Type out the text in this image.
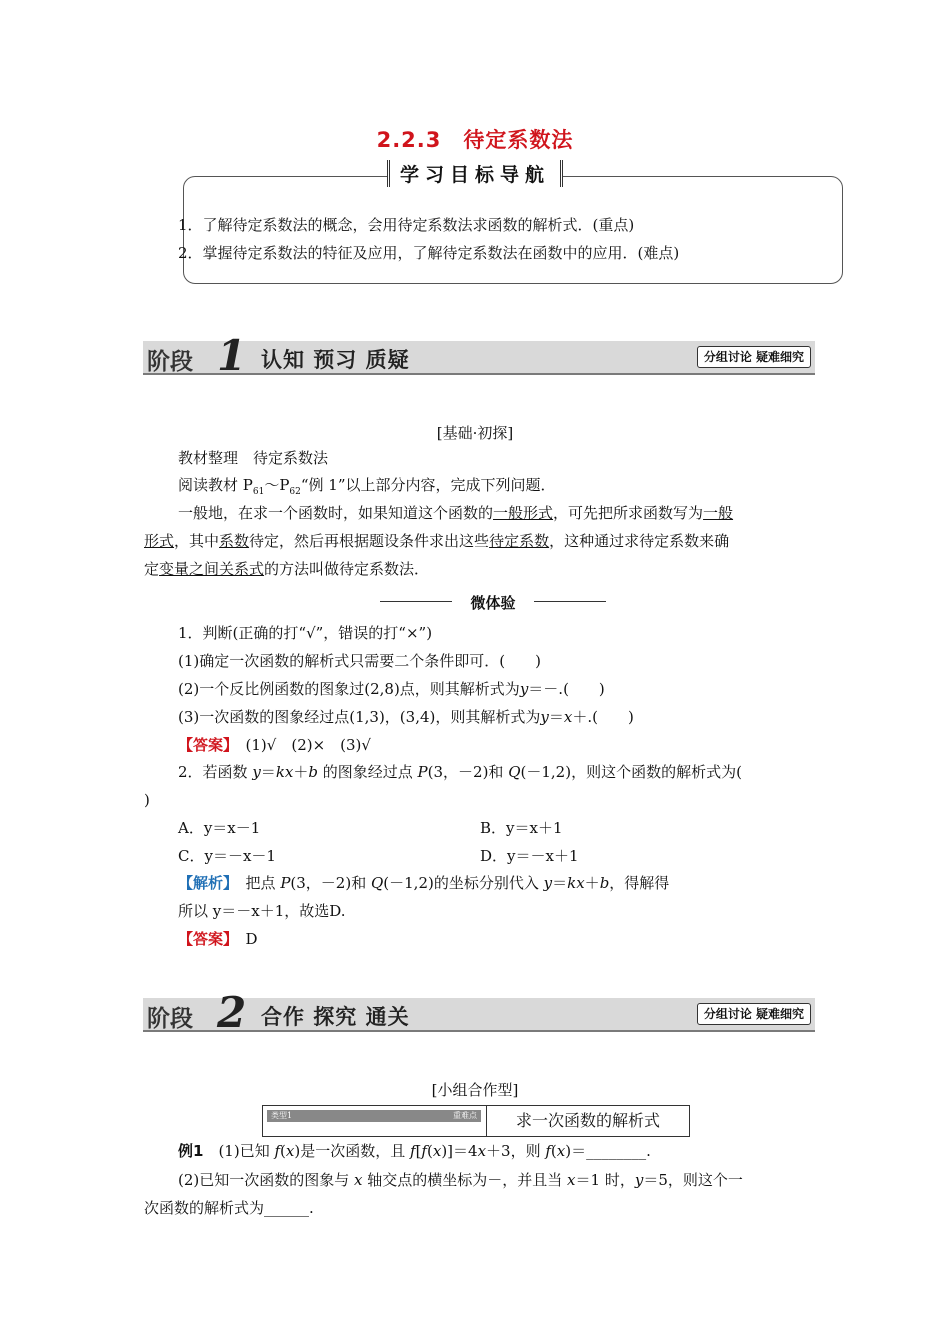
2.2.3　待定系数法
学习目标导航
1．了解待定系数法的概念，会用待定系数法求函数的解析式．(重点)
2．掌握待定系数法的特征及应用，了解待定系数法在函数中的应用．(难点)
阶段 1 认知 预习 质疑	分组讨论 疑难细究
[基础·初探]
教材整理　待定系数法
阅读教材 $P_{61}\sim P_{62}“$例 1”以上部分内容，完成下列问题．
一般地，在求一个函数时，如果知道这个函数的一般形式，可先把所求函数写为一般
形式，其中系数待定，然后再根据题设条件求出这些待定系数，这种通过求待定系数来确
定变量之间关系式的方法叫做待定系数法．
微体验
1．判断(正确的打“√”，错误的打“×”)
(1)确定一次函数的解析式只需要二个条件即可．(　　)
(2)一个反比例函数的图象过(2,8)点，则其解析式为y＝－.(　　)
(3)一次函数的图象经过点(1,3)，(3,4)，则其解析式为y＝x＋.(　　)
【答案】　 (1)√　(2)×　(3)√
2．若函数 y＝kx＋b 的图象经过点 P(3，－2)和 Q(－1,2)，则这个函数的解析式为(
)
A．y＝x－1	B．y＝x＋1
C．y＝－x－1	D．y＝－x＋1
【解析】　 把点 P(3，－2)和 Q(－1,2)的坐标分别代入 y＝kx＋b，得解得
所以 y＝－x＋1，故选D.
【答案】　 D
阶段 2 合作 探究 通关	分组讨论 疑难细究
[小组合作型]
类型1	重难点	求一次函数的解析式
例1　 (1)已知 f(x)是一次函数，且 f[f(x)]＝4x＋3，则 f(x)＝________.
(2)已知一次函数的图象与 x 轴交点的横坐标为－，并且当 x＝1 时，y＝5，则这个一
次函数的解析式为______.
